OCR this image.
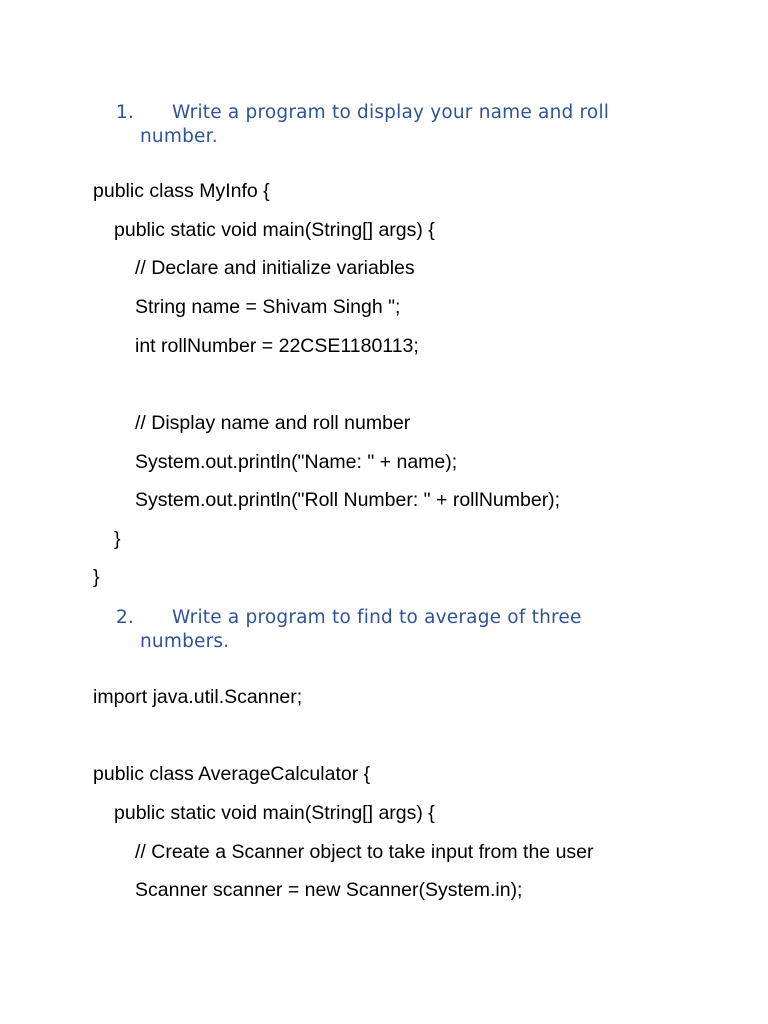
1. Write a program to display your name and roll
number.
public class MyInfo {
public static void main(String[] args) {
// Declare and initialize variables
String name = Shivam Singh ";
int rollNumber = 22CSE1180113;
// Display name and roll number
System.out.println("Name: " + name);
System.out.println("Roll Number: " + rollNumber);
}
}
2. Write a program to find to average of three
numbers.
import java.util.Scanner;
public class AverageCalculator {
public static void main(String[] args) {
// Create a Scanner object to take input from the user
Scanner scanner = new Scanner(System.in);
